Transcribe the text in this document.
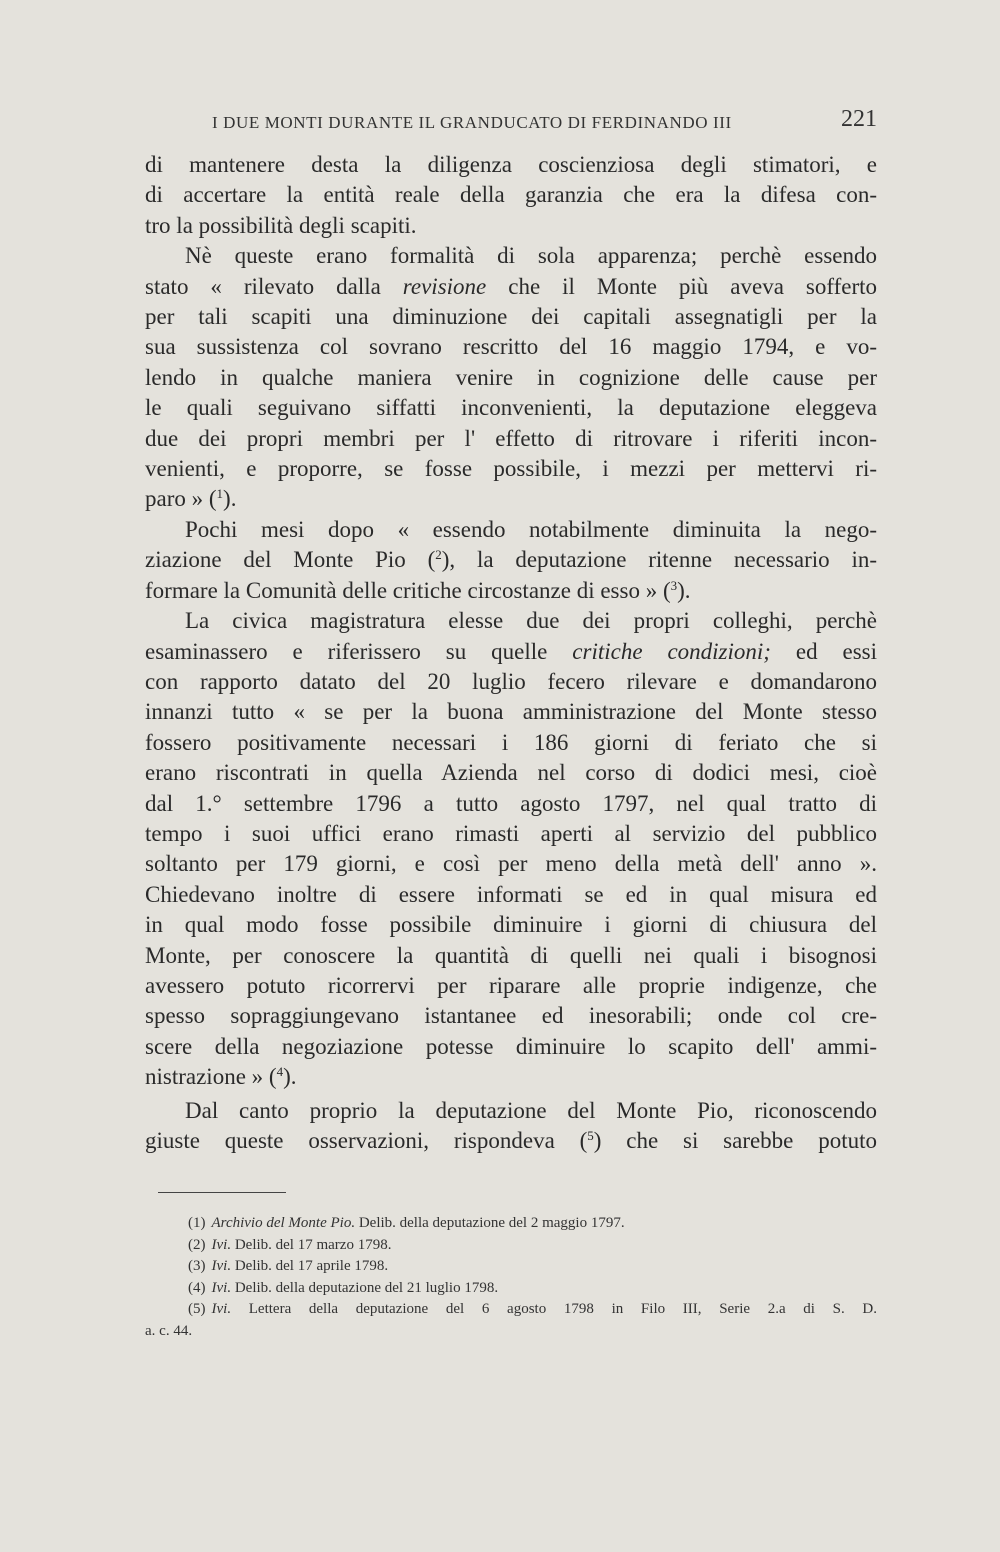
I DUE MONTI DURANTE IL GRANDUCATO DI FERDINANDO III	221

di mantenere desta la diligenza coscienziosa degli stimatori, e

di accertare la entità reale della garanzia che era la difesa con-

tro la possibilità degli scapiti.

Nè queste erano formalità di sola apparenza; perchè essendo

stato « rilevato dalla revisione che il Monte più aveva sofferto

per tali scapiti una diminuzione dei capitali assegnatigli per la

sua sussistenza col sovrano rescritto del 16 maggio 1794, e vo-

lendo in qualche maniera venire in cognizione delle cause per

le quali seguivano siffatti inconvenienti, la deputazione eleggeva

due dei propri membri per l' effetto di ritrovare i riferiti incon-

venienti, e proporre, se fosse possibile, i mezzi per mettervi ri-

paro » ($^1$).

Pochi mesi dopo « essendo notabilmente diminuita la nego-

ziazione del Monte Pio ($^2$), la deputazione ritenne necessario in-

formare la Comunità delle critiche circostanze di esso » ($^3$).

La civica magistratura elesse due dei propri colleghi, perchè

esaminassero e riferissero su quelle critiche condizioni; ed essi

con rapporto datato del 20 luglio fecero rilevare e domandarono

innanzi tutto « se per la buona amministrazione del Monte stesso

fossero positivamente necessari i 186 giorni di feriato che si

erano riscontrati in quella Azienda nel corso di dodici mesi, cioè

dal 1.° settembre 1796 a tutto agosto 1797, nel qual tratto di

tempo i suoi uffici erano rimasti aperti al servizio del pubblico

soltanto per 179 giorni, e così per meno della metà dell' anno ».

Chiedevano inoltre di essere informati se ed in qual misura ed

in qual modo fosse possibile diminuire i giorni di chiusura del

Monte, per conoscere la quantità di quelli nei quali i bisognosi

avessero potuto ricorrervi per riparare alle proprie indigenze, che

spesso sopraggiungevano istantanee ed inesorabili; onde col cre-

scere della negoziazione potesse diminuire lo scapito dell' ammi-

nistrazione » ($^4$).

Dal canto proprio la deputazione del Monte Pio, riconoscendo

giuste queste osservazioni, rispondeva ($^5$) che si sarebbe potuto

(1) Archivio del Monte Pio. Delib. della deputazione del 2 maggio 1797.

(2) Ivi. Delib. del 17 marzo 1798.

(3) Ivi. Delib. del 17 aprile 1798.

(4) Ivi. Delib. della deputazione del 21 luglio 1798.

(5) Ivi. Lettera della deputazione del 6 agosto 1798 in Filo III, Serie 2.a di S. D.

a. c. 44.
